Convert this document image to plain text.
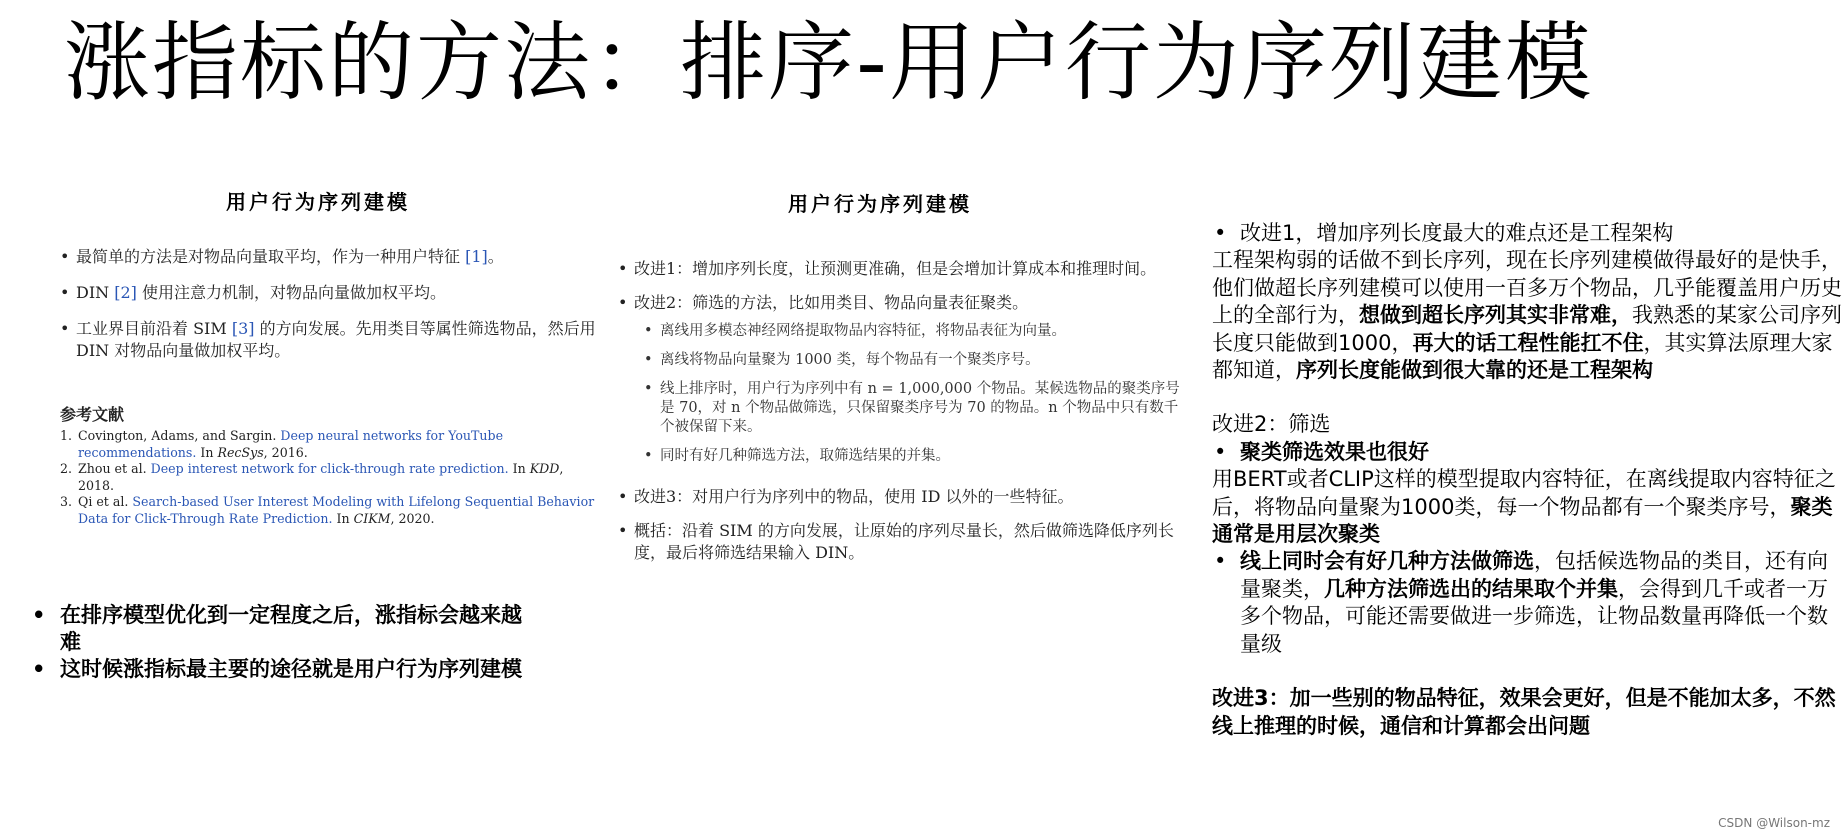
涨指标的方法：排序-用户行为序列建模
用户行为序列建模
• 最简单的方法是对物品向量取平均，作为一种用户特征 [1]。
• DIN [2] 使用注意力机制，对物品向量做加权平均。
• 工业界目前沿着 SIM [3] 的方向发展。先用类目等属性筛选物品，然后用 DIN 对物品向量做加权平均。
参考文献
1. Covington, Adams, and Sargin. Deep neural networks for YouTube recommendations. In RecSys, 2016.
2. Zhou et al. Deep interest network for click-through rate prediction. In KDD, 2018.
3. Qi et al. Search-based User Interest Modeling with Lifelong Sequential Behavior Data for Click-Through Rate Prediction. In CIKM, 2020.
用户行为序列建模
• 改进1：增加序列长度，让预测更准确，但是会增加计算成本和推理时间。
• 改进2：筛选的方法，比如用类目、物品向量表征聚类。
• 离线用多模态神经网络提取物品内容特征，将物品表征为向量。
• 离线将物品向量聚为 1000 类，每个物品有一个聚类序号。
• 线上排序时，用户行为序列中有 n = 1,000,000 个物品。某候选物品的聚类序号是 70，对 n 个物品做筛选，只保留聚类序号为 70 的物品。n 个物品中只有数千个被保留下来。
• 同时有好几种筛选方法，取筛选结果的并集。
• 改进3：对用户行为序列中的物品，使用 ID 以外的一些特征。
• 概括：沿着 SIM 的方向发展，让原始的序列尽量长，然后做筛选降低序列长度，最后将筛选结果输入 DIN。
• 在排序模型优化到一定程度之后，涨指标会越来越难
• 这时候涨指标最主要的途径就是用户行为序列建模
• 改进1，增加序列长度最大的难点还是工程架构

工程架构弱的话做不到长序列，现在长序列建模做得最好的是快手，他们做超长序列建模可以使用一百多万个物品，几乎能覆盖用户历史上的全部行为，想做到超长序列其实非常难，我熟悉的某家公司序列长度只能做到1000，再大的话工程性能扛不住，其实算法原理大家都知道，序列长度能做到很大靠的还是工程架构

改进2：筛选

• 聚类筛选效果也很好

用BERT或者CLIP这样的模型提取内容特征，在离线提取内容特征之后，将物品向量聚为1000类，每一个物品都有一个聚类序号，聚类通常是用层次聚类

• 线上同时会有好几种方法做筛选，包括候选物品的类目，还有向量聚类，几种方法筛选出的结果取个并集，会得到几千或者一万多个物品，可能还需要做进一步筛选，让物品数量再降低一个数量级

改进3：加一些别的物品特征，效果会更好，但是不能加太多，不然线上推理的时候，通信和计算都会出问题

CSDN @Wilson-mz
